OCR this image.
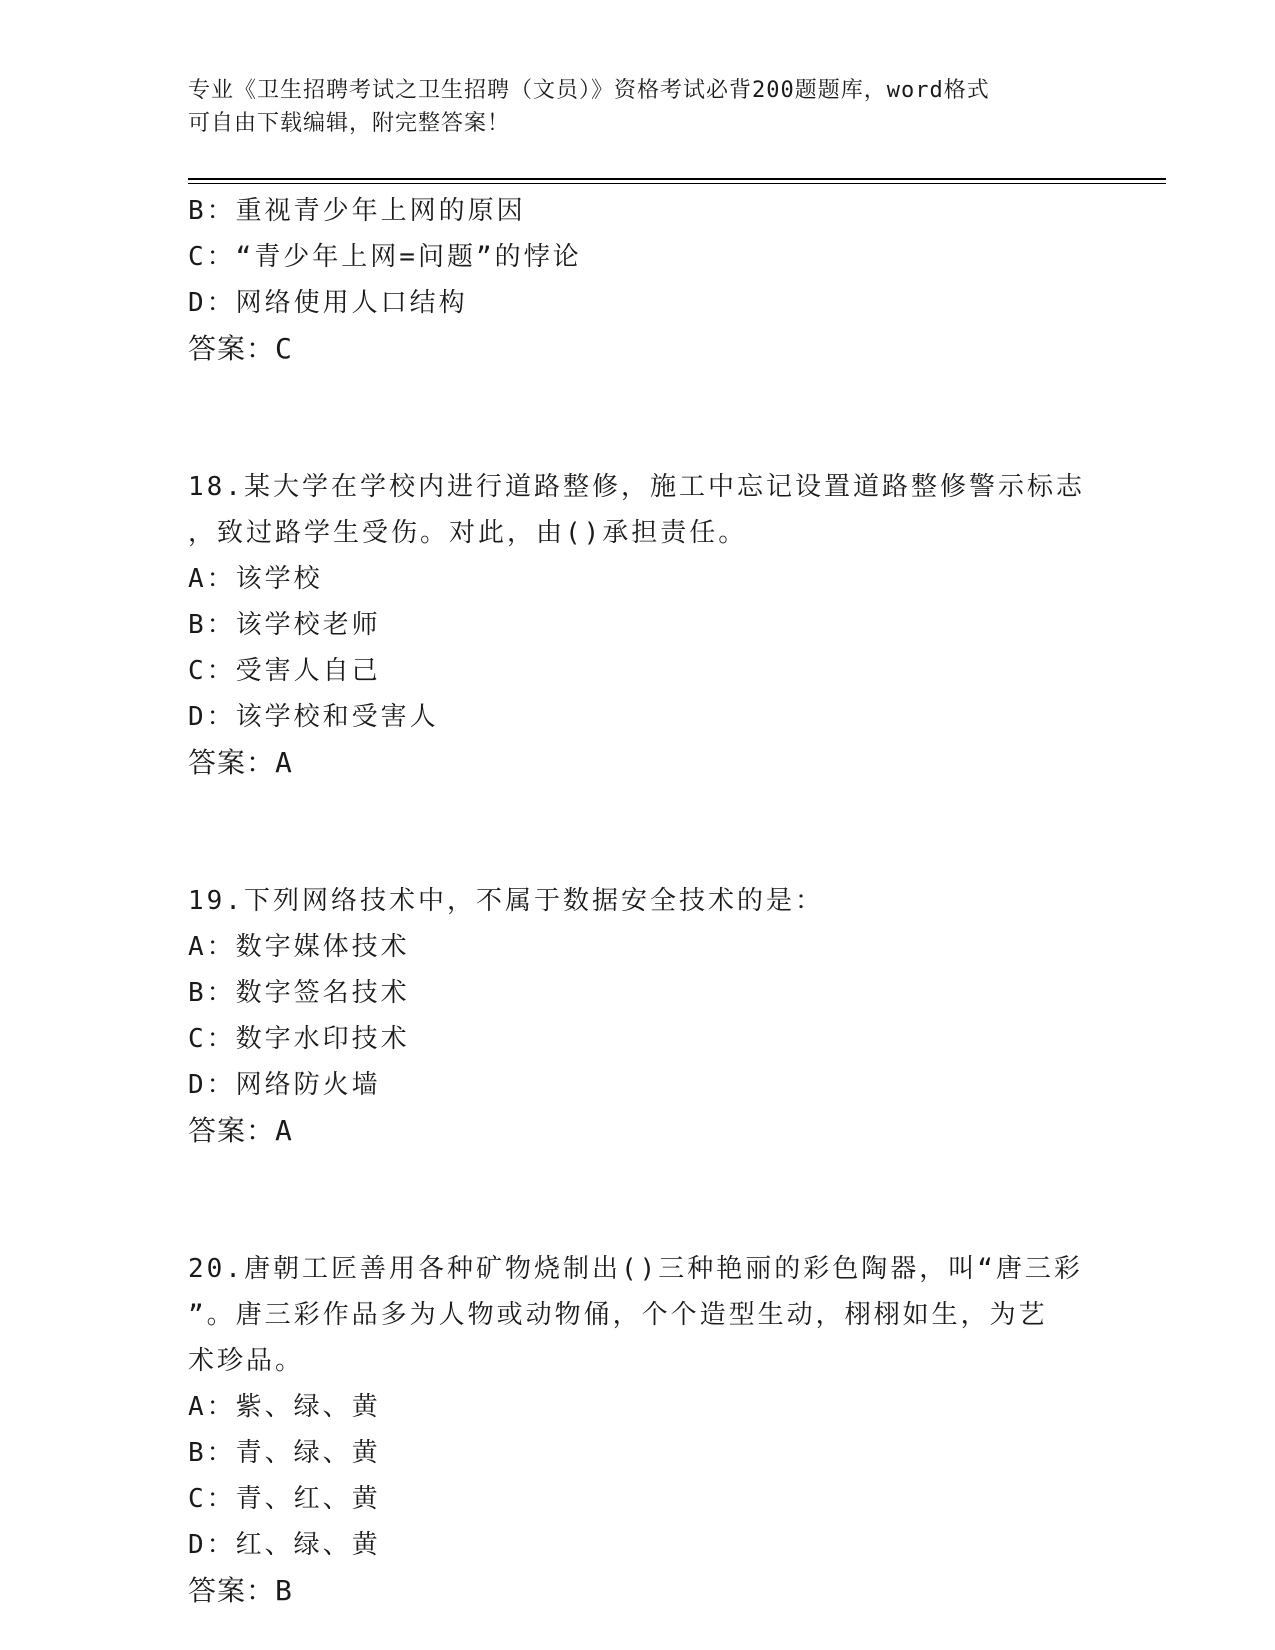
专业《卫生招聘考试之卫生招聘（文员）》资格考试必背200题题库，word格式
可自由下载编辑，附完整答案！
B：重视青少年上网的原因
C：“青少年上网=问题”的悖论
D：网络使用人口结构
答案：C
18.某大学在学校内进行道路整修，施工中忘记设置道路整修警示标志
，致过路学生受伤。对此，由()承担责任。
A：该学校
B：该学校老师
C：受害人自己
D：该学校和受害人
答案：A
19.下列网络技术中，不属于数据安全技术的是：
A：数字媒体技术
B：数字签名技术
C：数字水印技术
D：网络防火墙
答案：A
20.唐朝工匠善用各种矿物烧制出()三种艳丽的彩色陶器，叫“唐三彩
”。唐三彩作品多为人物或动物俑，个个造型生动，栩栩如生，为艺
术珍品。
A：紫、绿、黄
B：青、绿、黄
C：青、红、黄
D：红、绿、黄
答案：B
